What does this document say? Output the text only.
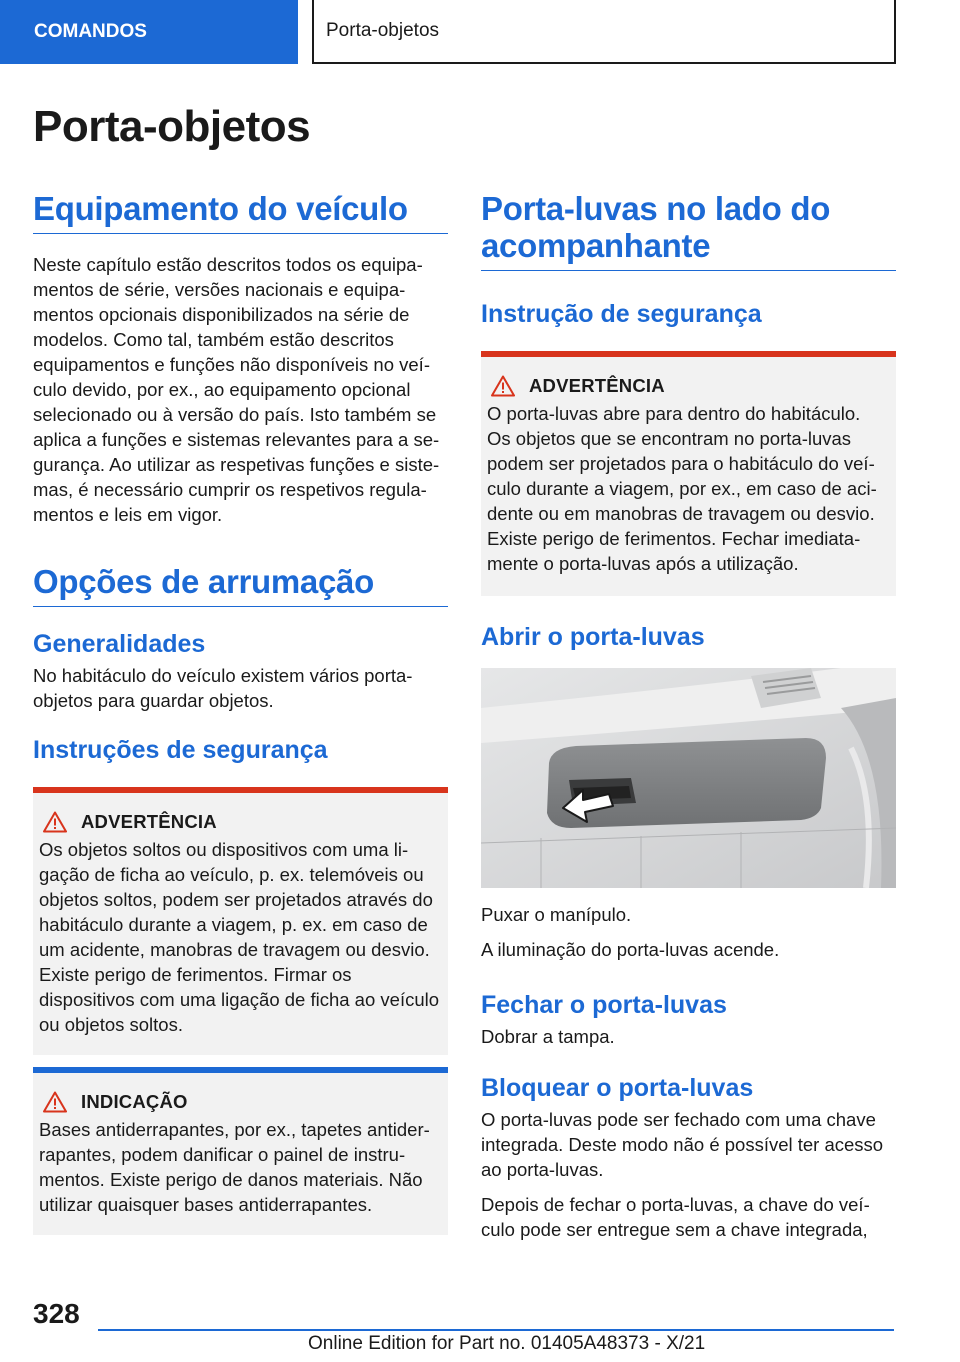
COMANDOS	Porta-objetos
Porta-objetos
Equipamento do veículo
Neste capítulo estão descritos todos os equipamentos de série, versões nacionais e equipamentos opcionais disponibilizados na série de modelos. Como tal, também estão descritos equipamentos e funções não disponíveis no veículo devido, por ex., ao equipamento opcional selecionado ou à versão do país. Isto também se aplica a funções e sistemas relevantes para a segurança. Ao utilizar as respetivas funções e sistemas, é necessário cumprir os respetivos regulamentos e leis em vigor.
Opções de arrumação
Generalidades
No habitáculo do veículo existem vários porta-objetos para guardar objetos.
Instruções de segurança
ADVERTÊNCIA
Os objetos soltos ou dispositivos com uma ligação de ficha ao veículo, p. ex. telemóveis ou objetos soltos, podem ser projetados através do habitáculo durante a viagem, p. ex. em caso de um acidente, manobras de travagem ou desvio. Existe perigo de ferimentos. Firmar os dispositivos com uma ligação de ficha ao veículo ou objetos soltos.
INDICAÇÃO
Bases antiderrapantes, por ex., tapetes antiderrapantes, podem danificar o painel de instrumentos. Existe perigo de danos materiais. Não utilizar quaisquer bases antiderrapantes.
Porta-luvas no lado do acompanhante
Instrução de segurança
ADVERTÊNCIA
O porta-luvas abre para dentro do habitáculo. Os objetos que se encontram no porta-luvas podem ser projetados para o habitáculo do veículo durante a viagem, por ex., em caso de acidente ou em manobras de travagem ou desvio. Existe perigo de ferimentos. Fechar imediatamente o porta-luvas após a utilização.
Abrir o porta-luvas
Puxar o manípulo.
A iluminação do porta-luvas acende.
Fechar o porta-luvas
Dobrar a tampa.
Bloquear o porta-luvas
O porta-luvas pode ser fechado com uma chave integrada. Deste modo não é possível ter acesso ao porta-luvas.
Depois de fechar o porta-luvas, a chave do veículo pode ser entregue sem a chave integrada,
328
Online Edition for Part no. 01405A48373 - X/21
